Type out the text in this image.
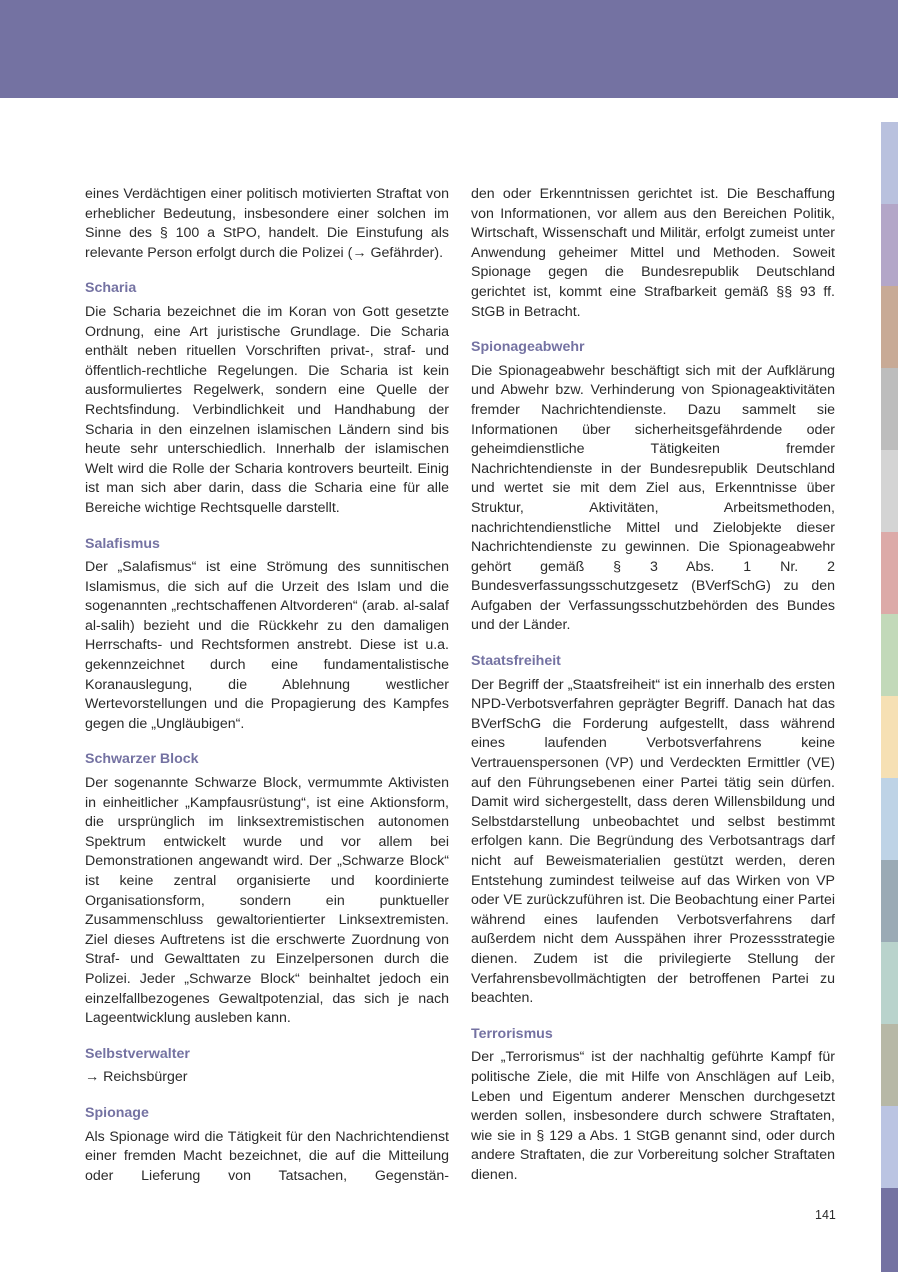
eines Verdächtigen einer politisch motivierten Straftat von erheblicher Bedeutung, insbesondere einer solchen im Sinne des § 100 a StPO, handelt. Die Einstufung als relevante Person erfolgt durch die Polizei (→ Gefährder).

Scharia

Die Scharia bezeichnet die im Koran von Gott gesetzte Ordnung, eine Art juristische Grundlage. Die Scharia enthält neben rituellen Vorschriften privat-, straf- und öffentlich-rechtliche Regelungen. Die Scharia ist kein ausformuliertes Regelwerk, sondern eine Quelle der Rechtsfindung. Verbindlichkeit und Handhabung der Scharia in den einzelnen islamischen Ländern sind bis heute sehr unterschiedlich. Innerhalb der islamischen Welt wird die Rolle der Scharia kontrovers beurteilt. Einig ist man sich aber darin, dass die Scharia eine für alle Bereiche wichtige Rechtsquelle darstellt.

Salafismus

Der „Salafismus“ ist eine Strömung des sunnitischen Islamismus, die sich auf die Urzeit des Islam und die sogenannten „rechtschaffenen Altvorderen“ (arab. al-salaf al-salih) bezieht und die Rückkehr zu den damaligen Herrschafts- und Rechtsformen anstrebt. Diese ist u.a. gekennzeichnet durch eine fundamentalistische Koranauslegung, die Ablehnung westlicher Wertevorstellungen und die Propagierung des Kampfes gegen die „Ungläubigen“.

Schwarzer Block

Der sogenannte Schwarze Block, vermummte Aktivisten in einheitlicher „Kampfausrüstung“, ist eine Aktionsform, die ursprünglich im linksextremistischen autonomen Spektrum entwickelt wurde und vor allem bei Demonstrationen angewandt wird. Der „Schwarze Block“ ist keine zentral organisierte und koordinierte Organisationsform, sondern ein punktueller Zusammenschluss gewaltorientierter Linksextremisten. Ziel dieses Auftretens ist die erschwerte Zuordnung von Straf- und Gewalttaten zu Einzelpersonen durch die Polizei. Jeder „Schwarze Block“ beinhaltet jedoch ein einzelfallbezogenes Gewaltpotenzial, das sich je nach Lageentwicklung ausleben kann.

Selbstverwalter

→ Reichsbürger

Spionage

Als Spionage wird die Tätigkeit für den Nachrichtendienst einer fremden Macht bezeichnet, die auf die Mitteilung oder Lieferung von Tatsachen, Gegenstän-

den oder Erkenntnissen gerichtet ist. Die Beschaffung von Informationen, vor allem aus den Bereichen Politik, Wirtschaft, Wissenschaft und Militär, erfolgt zumeist unter Anwendung geheimer Mittel und Methoden. Soweit Spionage gegen die Bundesrepublik Deutschland gerichtet ist, kommt eine Strafbarkeit gemäß §§ 93 ff. StGB in Betracht.

Spionageabwehr

Die Spionageabwehr beschäftigt sich mit der Aufklärung und Abwehr bzw. Verhinderung von Spionageaktivitäten fremder Nachrichtendienste. Dazu sammelt sie Informationen über sicherheitsgefährdende oder geheimdienstliche Tätigkeiten fremder Nachrichtendienste in der Bundesrepublik Deutschland und wertet sie mit dem Ziel aus, Erkenntnisse über Struktur, Aktivitäten, Arbeitsmethoden, nachrichtendienstliche Mittel und Zielobjekte dieser Nachrichtendienste zu gewinnen. Die Spionageabwehr gehört gemäß § 3 Abs. 1 Nr. 2 Bundesverfassungsschutzgesetz (BVerfSchG) zu den Aufgaben der Verfassungsschutzbehörden des Bundes und der Länder.

Staatsfreiheit

Der Begriff der „Staatsfreiheit“ ist ein innerhalb des ersten NPD-Verbotsverfahren geprägter Begriff. Danach hat das BVerfSchG die Forderung aufgestellt, dass während eines laufenden Verbotsverfahrens keine Vertrauenspersonen (VP) und Verdeckten Ermittler (VE) auf den Führungsebenen einer Partei tätig sein dürfen. Damit wird sichergestellt, dass deren Willensbildung und Selbstdarstellung unbeobachtet und selbst bestimmt erfolgen kann. Die Begründung des Verbotsantrags darf nicht auf Beweismaterialien gestützt werden, deren Entstehung zumindest teilweise auf das Wirken von VP oder VE zurückzuführen ist. Die Beobachtung einer Partei während eines laufenden Verbotsverfahrens darf außerdem nicht dem Ausspähen ihrer Prozessstrategie dienen. Zudem ist die privilegierte Stellung der Verfahrensbevollmächtigten der betroffenen Partei zu beachten.

Terrorismus

Der „Terrorismus“ ist der nachhaltig geführte Kampf für politische Ziele, die mit Hilfe von Anschlägen auf Leib, Leben und Eigentum anderer Menschen durchgesetzt werden sollen, insbesondere durch schwere Straftaten, wie sie in § 129 a Abs. 1 StGB genannt sind, oder durch andere Straftaten, die zur Vorbereitung solcher Straftaten dienen.

141
